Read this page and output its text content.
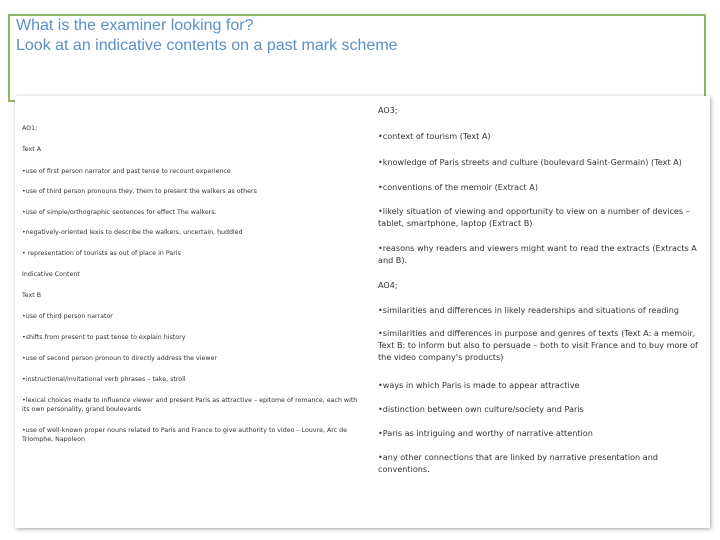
What is the examiner looking for?

Look at an indicative contents on a past mark scheme

AO1;

Text A

•use of first person narrator and past tense to recount experience

•use of third person pronouns they, them to present the walkers as others

•use of simple/orthographic sentences for effect The walkers.

•negatively-oriented lexis to describe the walkers, uncertain, huddled

• representation of tourists as out of place in Paris

Indicative Content

Text B

•use of third person narrator

•shifts from present to past tense to explain history

•use of second person pronoun to directly address the viewer

•instructional/invitational verb phrases – take, stroll

•lexical choices made to influence viewer and present Paris as attractive – epitome of romance, each with its own personality, grand boulevards

•use of well-known proper nouns related to Paris and France to give authority to video – Louvre, Arc de Triomphe, Napoleon

AO3;

•context of tourism (Text A)

•knowledge of Paris streets and culture (boulevard Saint-Germain) (Text A)

•conventions of the memoir (Extract A)

•likely situation of viewing and opportunity to view on a number of devices – tablet, smartphone, laptop (Extract B)

•reasons why readers and viewers might want to read the extracts (Extracts A and B).

AO4;

•similarities and differences in likely readerships and situations of reading

•similarities and differences in purpose and genres of texts (Text A: a memoir, Text B: to inform but also to persuade – both to visit France and to buy more of the video company's products)

•ways in which Paris is made to appear attractive

•distinction between own culture/society and Paris

•Paris as intriguing and worthy of narrative attention

•any other connections that are linked by narrative presentation and conventions.
